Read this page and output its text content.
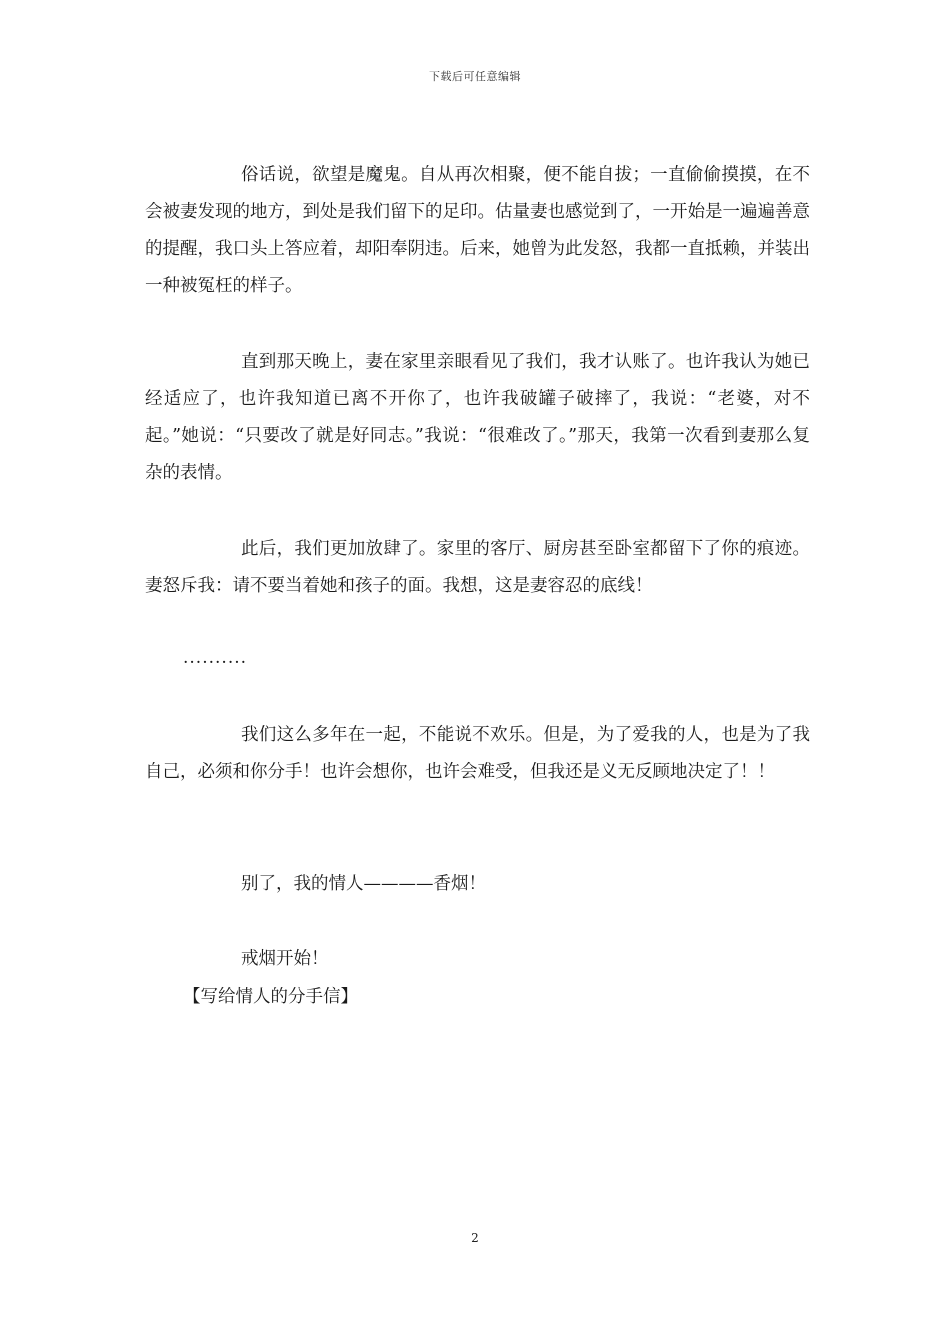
下载后可任意编辑

俗话说，欲望是魔鬼。自从再次相聚，便不能自拔；一直偷偷摸摸，在不会被妻发现的地方，到处是我们留下的足印。估量妻也感觉到了，一开始是一遍遍善意的提醒，我口头上答应着，却阳奉阴违。后来，她曾为此发怒，我都一直抵赖，并装出一种被冤枉的样子。

直到那天晚上，妻在家里亲眼看见了我们，我才认账了。也许我认为她已经适应了，也许我知道已离不开你了，也许我破罐子破摔了，我说：“老婆，对不起。”她说：“只要改了就是好同志。”我说：“很难改了。”那天，我第一次看到妻那么复杂的表情。

此后，我们更加放肆了。家里的客厅、厨房甚至卧室都留下了你的痕迹。妻怒斥我：请不要当着她和孩子的面。我想，这是妻容忍的底线！

..........

我们这么多年在一起，不能说不欢乐。但是，为了爱我的人，也是为了我自己，必须和你分手！也许会想你，也许会难受，但我还是义无反顾地决定了！！

别了，我的情人————香烟！

戒烟开始！

【写给情人的分手信】

2
